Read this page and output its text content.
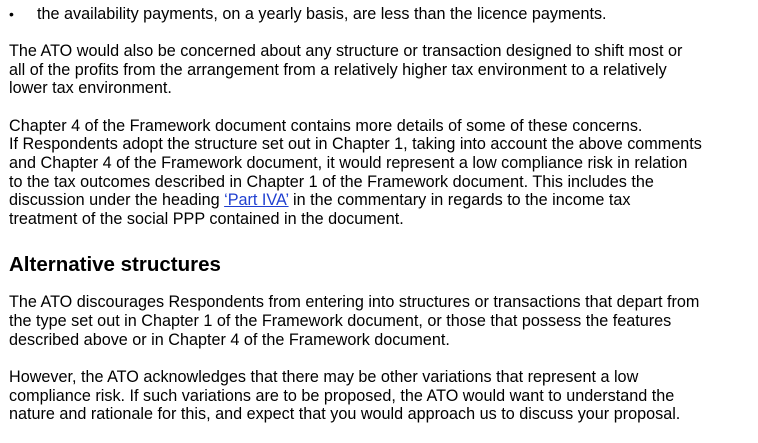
•	the availability payments, on a yearly basis, are less than the licence payments.

The ATO would also be concerned about any structure or transaction designed to shift most or

all of the profits from the arrangement from a relatively higher tax environment to a relatively

lower tax environment.

Chapter 4 of the Framework document contains more details of some of these concerns.

If Respondents adopt the structure set out in Chapter 1, taking into account the above comments

and Chapter 4 of the Framework document, it would represent a low compliance risk in relation

to the tax outcomes described in Chapter 1 of the Framework document. This includes the

discussion under the heading ‘Part IVA’ in the commentary in regards to the income tax

treatment of the social PPP contained in the document.

Alternative structures

The ATO discourages Respondents from entering into structures or transactions that depart from

the type set out in Chapter 1 of the Framework document, or those that possess the features

described above or in Chapter 4 of the Framework document.

However, the ATO acknowledges that there may be other variations that represent a low

compliance risk. If such variations are to be proposed, the ATO would want to understand the

nature and rationale for this, and expect that you would approach us to discuss your proposal.
